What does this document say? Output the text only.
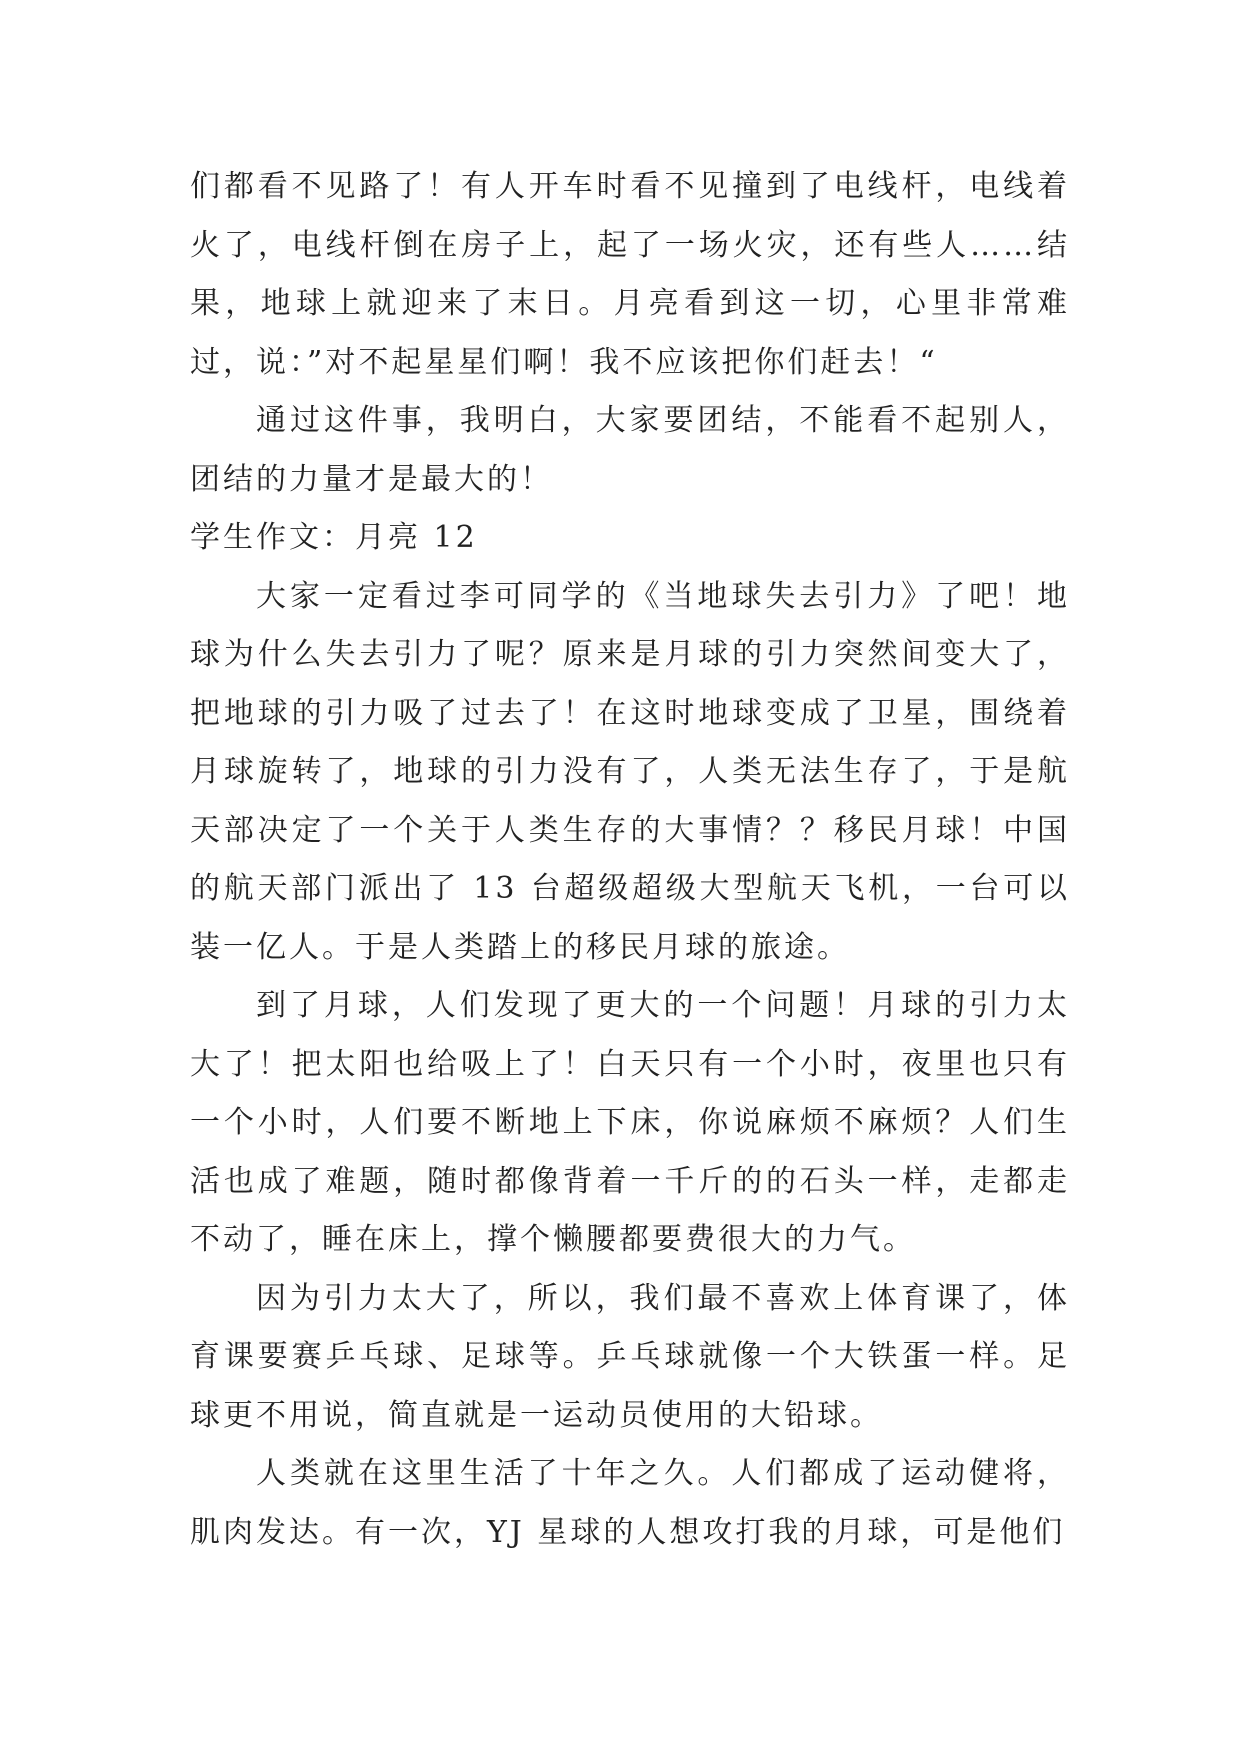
们都看不见路了！有人开车时看不见撞到了电线杆，电线着火了，电线杆倒在房子上，起了一场火灾，还有些人……结果，地球上就迎来了末日。月亮看到这一切，心里非常难过，说：”对不起星星们啊！我不应该把你们赶去！“

通过这件事，我明白，大家要团结，不能看不起别人，团结的力量才是最大的！

学生作文：月亮 12

大家一定看过李可同学的《当地球失去引力》了吧！地球为什么失去引力了呢？原来是月球的引力突然间变大了，把地球的引力吸了过去了！在这时地球变成了卫星，围绕着月球旋转了，地球的引力没有了，人类无法生存了，于是航天部决定了一个关于人类生存的大事情？？移民月球！中国的航天部门派出了 13 台超级超级大型航天飞机，一台可以装一亿人。于是人类踏上的移民月球的旅途。

到了月球，人们发现了更大的一个问题！月球的引力太大了！把太阳也给吸上了！白天只有一个小时，夜里也只有一个小时，人们要不断地上下床，你说麻烦不麻烦？人们生活也成了难题，随时都像背着一千斤的的石头一样，走都走不动了，睡在床上，撑个懒腰都要费很大的力气。

因为引力太大了，所以，我们最不喜欢上体育课了，体育课要赛乒乓球、足球等。乒乓球就像一个大铁蛋一样。足球更不用说，简直就是一运动员使用的大铅球。

人类就在这里生活了十年之久。人们都成了运动健将，肌肉发达。有一次，YJ 星球的人想攻打我的月球，可是他们
